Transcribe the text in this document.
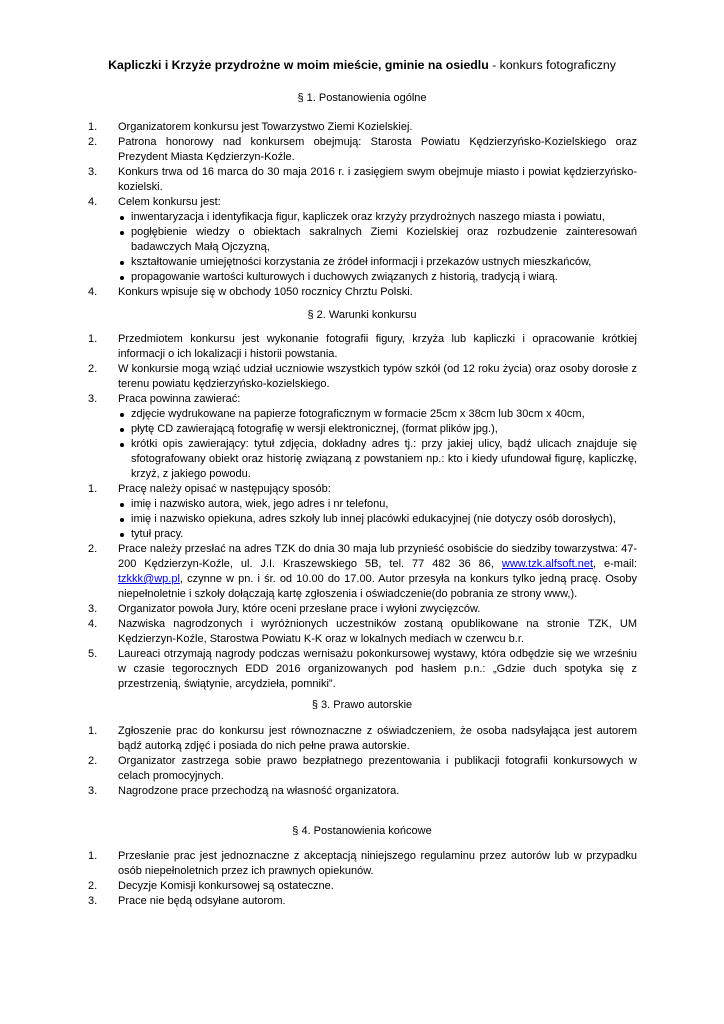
Kapliczki i Krzyże przydrożne w moim mieście, gminie na osiedlu - konkurs fotograficzny
§ 1. Postanowienia ogólne
1. Organizatorem konkursu jest Towarzystwo Ziemi Kozielskiej.
2. Patrona honorowy nad konkursem obejmują: Starosta Powiatu Kędzierzyńsko-Kozielskiego oraz Prezydent Miasta Kędzierzyn-Koźle.
3. Konkurs trwa od 16 marca do 30 maja 2016 r. i zasięgiem swym obejmuje miasto i powiat kędzierzyńsko-kozielski.
4. Celem konkursu jest:
inwentaryzacja i identyfikacja figur, kapliczek oraz krzyży przydrożnych naszego miasta i powiatu,
pogłębienie wiedzy o obiektach sakralnych Ziemi Kozielskiej oraz rozbudzenie zainteresowań badawczych Małą Ojczyzną,
kształtowanie umiejętności korzystania ze źródeł informacji i przekazów ustnych mieszkańców,
propagowanie wartości kulturowych i duchowych związanych z historią, tradycją i wiarą.
4. Konkurs wpisuje się w obchody 1050 rocznicy Chrztu Polski.
§ 2. Warunki konkursu
1. Przedmiotem konkursu jest wykonanie fotografii figury, krzyża lub kapliczki i opracowanie krótkiej informacji o ich lokalizacji i historii powstania.
2. W konkursie mogą wziąć udział uczniowie wszystkich typów szkół (od 12 roku życia) oraz osoby dorosłe z terenu powiatu kędzierzyńsko-kozielskiego.
3. Praca powinna zawierać:
zdjęcie wydrukowane na papierze fotograficznym w formacie 25cm x 38cm lub 30cm x 40cm,
płytę CD zawierającą fotografię w wersji elektronicznej, (format plików jpg.),
krótki opis zawierający: tytuł zdjęcia, dokładny adres tj.: przy jakiej ulicy, bądź ulicach znajduje się sfotografowany obiekt oraz historię związaną z powstaniem np.: kto i kiedy ufundował figurę, kapliczkę, krzyż, z jakiego powodu.
1. Pracę należy opisać w następujący sposób:
imię i nazwisko autora, wiek, jego adres i nr telefonu,
imię i nazwisko opiekuna, adres szkoły lub innej placówki edukacyjnej (nie dotyczy osób dorosłych),
tytuł pracy.
2. Prace należy przesłać na adres TZK do dnia 30 maja lub przynieść osobiście do siedziby towarzystwa: 47-200 Kędzierzyn-Koźle, ul. J.I. Kraszewskiego 5B, tel. 77 482 36 86, www.tzk.alfsoft.net, e-mail: tzkkk@wp.pl, czynne w pn. i śr. od 10.00 do 17.00. Autor przesyła na konkurs tylko jedną pracę. Osoby niepełnoletnie i szkoły dołączają kartę zgłoszenia i oświadczenie(do pobrania ze strony www,).
3. Organizator powoła Jury, które oceni przesłane prace i wyłoni zwycięzców.
4. Nazwiska nagrodzonych i wyróżnionych uczestników zostaną opublikowane na stronie TZK, UM Kędzierzyn-Koźle, Starostwa Powiatu K-K oraz w lokalnych mediach w czerwcu b.r.
5. Laureaci otrzymają nagrody podczas wernisażu pokonkursowej wystawy, która odbędzie się we wrześniu w czasie tegorocznych EDD 2016 organizowanych pod hasłem p.n.: „Gdzie duch spotyka się z przestrzenią, świątynie, arcydzieła, pomniki”.
§ 3. Prawo autorskie
1. Zgłoszenie prac do konkursu jest równoznaczne z oświadczeniem, że osoba nadsyłająca jest autorem bądź autorką zdjęć i posiada do nich pełne prawa autorskie.
2. Organizator zastrzega sobie prawo bezpłatnego prezentowania i publikacji fotografii konkursowych w celach promocyjnych.
3. Nagrodzone prace przechodzą na własność organizatora.
§ 4. Postanowienia końcowe
1. Przesłanie prac jest jednoznaczne z akceptacją niniejszego regulaminu przez autorów lub w przypadku osób niepełnoletnich przez ich prawnych opiekunów.
2. Decyzje Komisji konkursowej są ostateczne.
3. Prace nie będą odsyłane autorom.
